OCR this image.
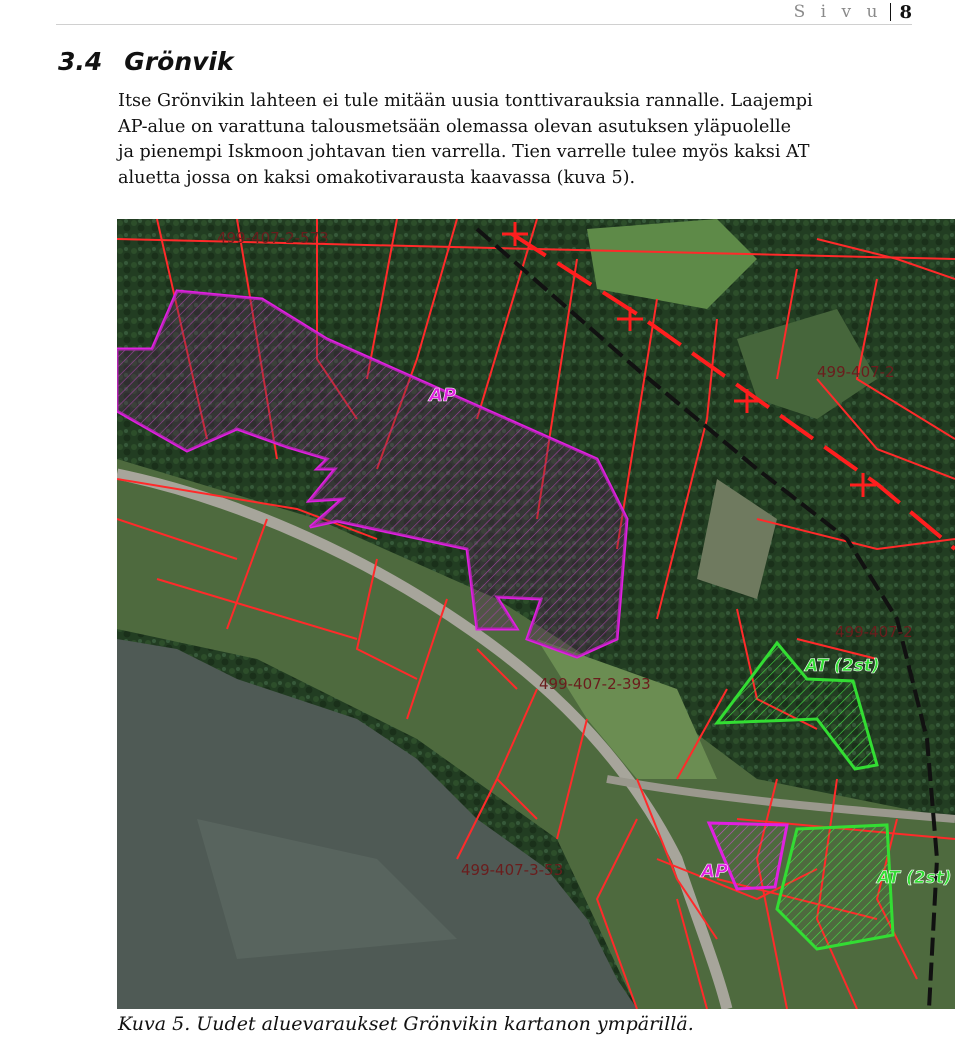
S i v u 8
3.4 Grönvik

Itse Grönvikin lahteen ei tule mitään uusia tonttivarauksia rannalle. Laajempi
AP-alue on varattuna talousmetsään olemassa olevan asutuksen yläpuolelle
ja pienempi Iskmoon johtavan tien varrella. Tien varrelle tulee myös kaksi AT
aluetta jossa on kaksi omakotivarausta kaavassa (kuva 5).

AP
AP
AT (2st)
AT (2st)
499-407-2-573
499-407-2
499-407-2
499-407-2-393
499-407-3-53

Kuva 5. Uudet aluevaraukset Grönvikin kartanon ympärillä.
